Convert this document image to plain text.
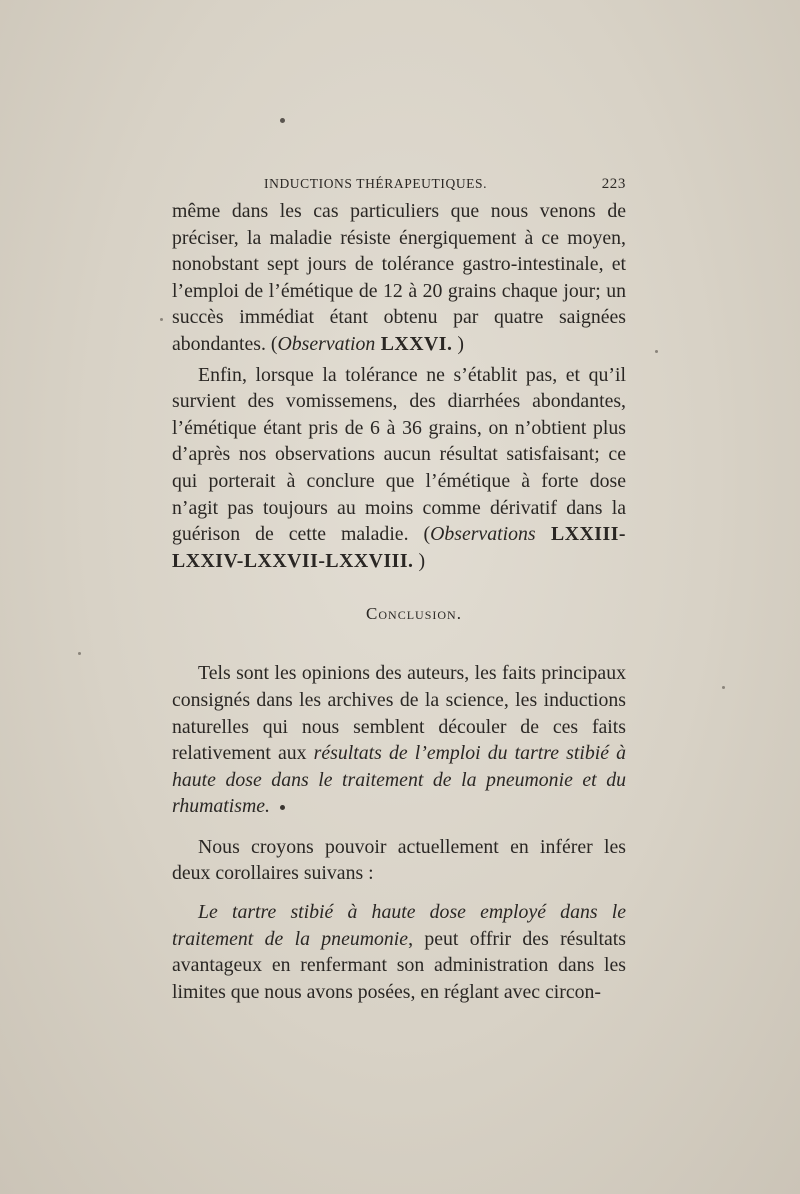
INDUCTIONS THÉRAPEUTIQUES.	223

même dans les cas particuliers que nous venons de préciser, la maladie résiste énergiquement à ce moyen, nonobstant sept jours de tolérance gastro-intestinale, et l’emploi de l’émétique de 12 à 20 grains chaque jour; un succès immédiat étant obtenu par quatre saignées abondantes. (Observation LXXVI. )

Enfin, lorsque la tolérance ne s’établit pas, et qu’il survient des vomissemens, des diarrhées abondantes, l’émétique étant pris de 6 à 36 grains, on n’obtient plus d’après nos observations aucun résultat satisfaisant; ce qui porterait à conclure que l’émétique à forte dose n’agit pas toujours au moins comme dérivatif dans la guérison de cette maladie. (Observations LXXIII-LXXIV-LXXVII-LXXVIII. )

Conclusion.

Tels sont les opinions des auteurs, les faits principaux consignés dans les archives de la science, les inductions naturelles qui nous semblent découler de ces faits relativement aux résultats de l’emploi du tartre stibié à haute dose dans le traitement de la pneumonie et du rhumatisme.

Nous croyons pouvoir actuellement en inférer les deux corollaires suivans :

Le tartre stibié à haute dose employé dans le traitement de la pneumonie, peut offrir des résultats avantageux en renfermant son administration dans les limites que nous avons posées, en réglant avec circon-
